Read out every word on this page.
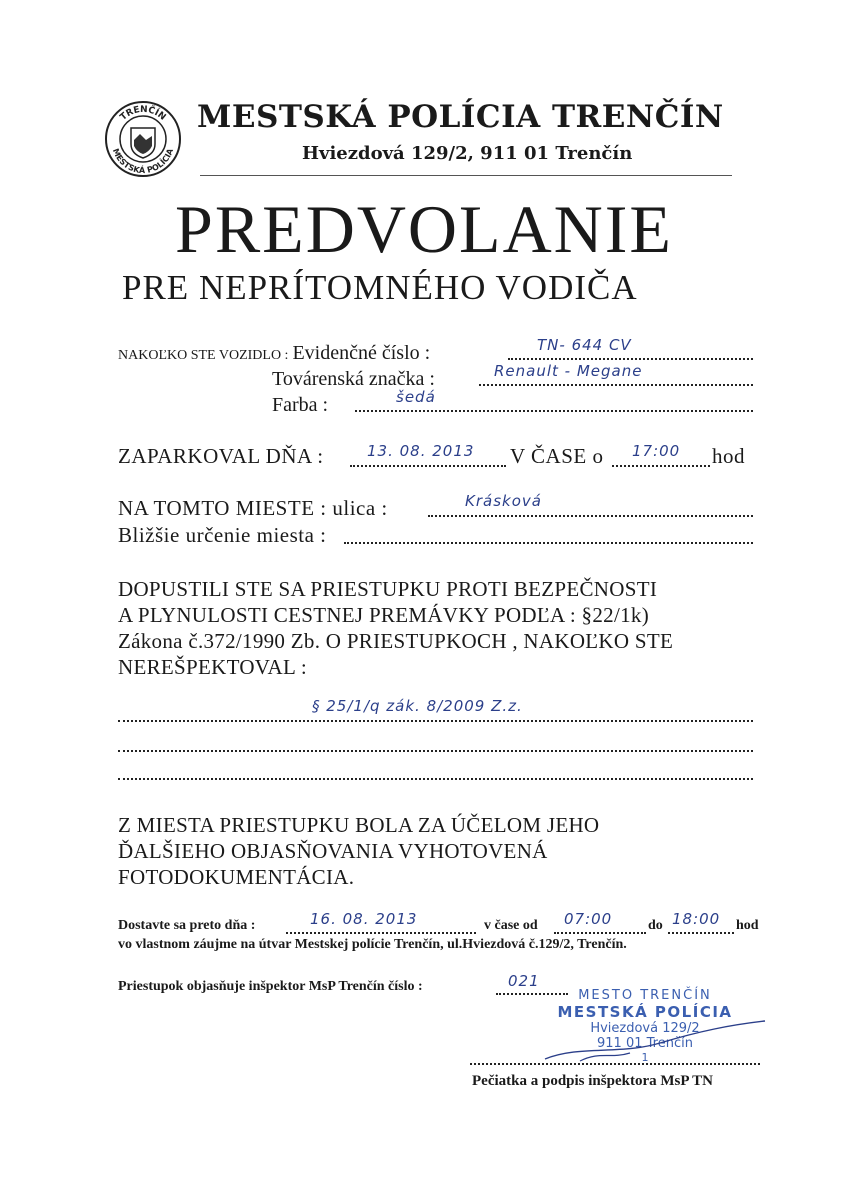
TRENČÍN
MESTSKÁ POLÍCIA
MESTSKÁ POLÍCIA TRENČÍN
Hviezdová 129/2, 911 01 Trenčín
PREDVOLANIE
PRE NEPRÍTOMNÉHO VODIČA
NAKOĽKO STE VOZIDLO : Evidenčné číslo :	TN- 644 CV
Továrenská značka :	Renault - Megane
Farba :	šedá
ZAPARKOVAL DŇA :	13. 08. 2013 V ČASE o 17:00 hod
NA TOMTO MIESTE : ulica :	Krásková
Bližšie určenie miesta :
DOPUSTILI STE SA PRIESTUPKU PROTI BEZPEČNOSTI
A PLYNULOSTI CESTNEJ PREMÁVKY PODĽA : §22/1k)
Zákona č.372/1990 Zb. O PRIESTUPKOCH , NAKOĽKO STE
NEREŠPEKTOVAL :
§ 25/1/q zák. 8/2009 Z.z.
Z MIESTA PRIESTUPKU BOLA ZA ÚČELOM JEHO
ĎALŠIEHO OBJASŇOVANIA VYHOTOVENÁ
FOTODOKUMENTÁCIA.
Dostavte sa preto dňa :	16. 08. 2013	v čase od 07:00	do 18:00 hod
vo vlastnom záujme na útvar Mestskej polície Trenčín, ul.Hviezdová č.129/2, Trenčín.
Priestupok objasňuje inšpektor MsP Trenčín číslo :	021
MESTO TRENČÍN
MESTSKÁ POLÍCIA
Hviezdová 129/2
911 01 Trenčín
1
Pečiatka a podpis inšpektora MsP TN
